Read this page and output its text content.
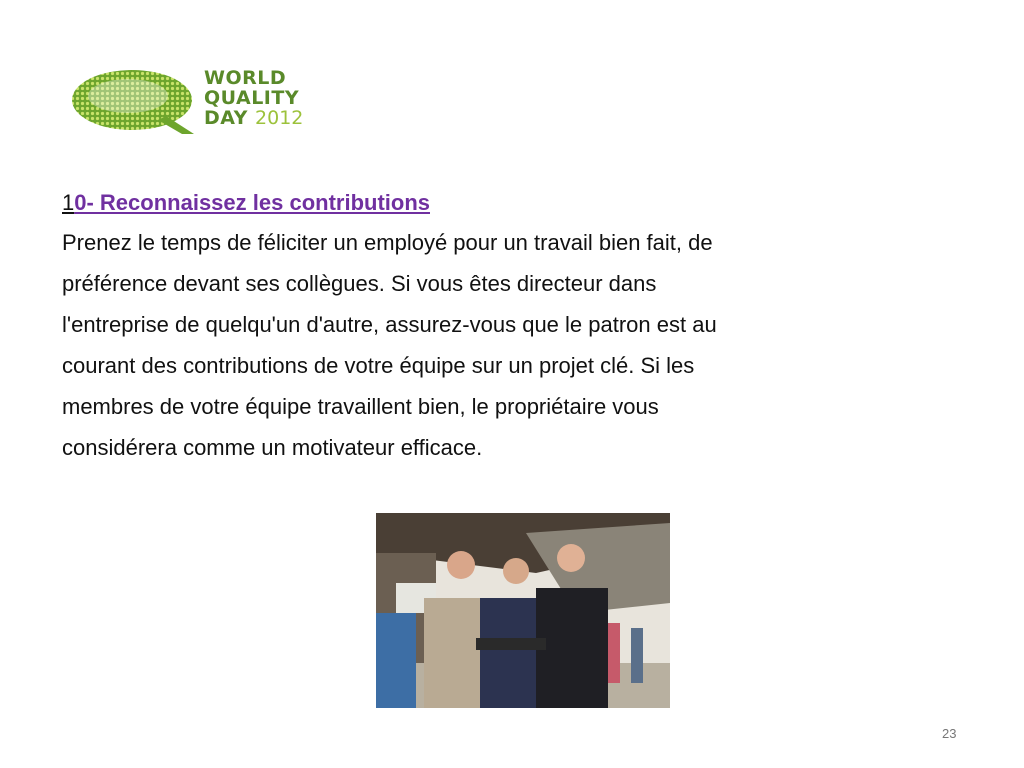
WORLD
QUALITY
DAY 2012

10- Reconnaissez les contributions

Prenez le temps de féliciter un employé pour un travail bien fait, de
préférence devant ses collègues. Si vous êtes directeur dans
l'entreprise de quelqu'un d'autre, assurez-vous que le patron est au
courant des contributions de votre équipe sur un projet clé. Si les
membres de votre équipe travaillent bien, le propriétaire vous
considérera comme un motivateur efficace.

23
